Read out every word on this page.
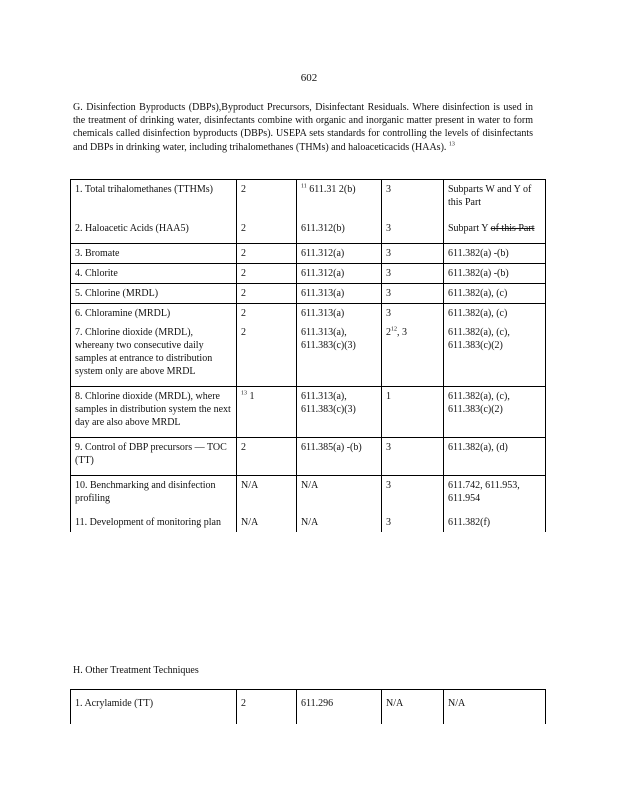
602
G. Disinfection Byproducts (DBPs),Byproduct Precursors, Disinfectant Residuals. Where disinfection is used in the treatment of drinking water, disinfectants combine with organic and inorganic matter present in water to form chemicals called disinfection byproducts (DBPs). USEPA sets standards for controlling the levels of disinfectants and DBPs in drinking water, including trihalomethanes (THMs) and haloaceticacids (HAAs). $^{13}$
1. Total trihalomethanes (TTHMs)	2	$^{11}$ 611.31 2(b)	3	Subparts W and Y of this Part
2. Haloacetic Acids (HAA5)	2	611.312(b)	3	Subpart Y of this Part
3. Bromate	2	611.312(a)	3	611.382(a) -(b)
4. Chlorite	2	611.312(a)	3	611.382(a) -(b)
5. Chlorine (MRDL)	2	611.313(a)	3	611.382(a), (c)
6. Chloramine (MRDL)	2	611.313(a)	3	611.382(a), (c)
7. Chlorine dioxide (MRDL), whereany two consecutive daily samples at entrance to distribution system only are above MRDL	2	611.313(a), 611.383(c)(3)	$2^{12}$, 3	611.382(a), (c), 611.383(c)(2)
8. Chlorine dioxide (MRDL), where samples in distribution system the next day are also above MRDL	$^{13}$ 1	611.313(a), 611.383(c)(3)	1	611.382(a), (c), 611.383(c)(2)
9. Control of DBP precursors — TOC (TT)	2	611.385(a) -(b)	3	611.382(a), (d)
10. Benchmarking and disinfection profiling	N/A	N/A	3	611.742, 611.953, 611.954
11. Development of monitoring plan	N/A	N/A	3	611.382(f)
H. Other Treatment Techniques
1. Acrylamide (TT)	2	611.296	N/A	N/A
